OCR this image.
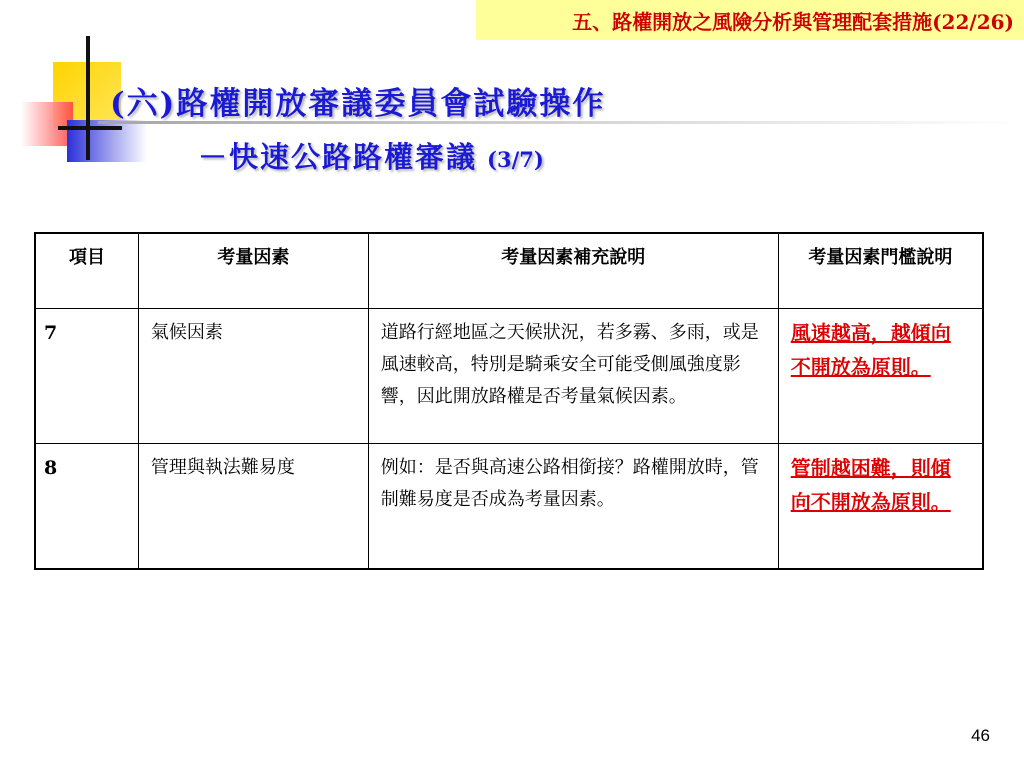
五、路權開放之風險分析與管理配套措施(22/26)
(六)路權開放審議委員會試驗操作
－快速公路路權審議 (3/7)
項目	考量因素	考量因素補充說明	考量因素門檻說明
7	氣候因素	道路行經地區之天候狀況，若多霧、多雨，或是風速較高，特別是騎乘安全可能受側風強度影響，因此開放路權是否考量氣候因素。	風速越高，越傾向不開放為原則。
8	管理與執法難易度	例如：是否與高速公路相銜接？路權開放時，管制難易度是否成為考量因素。	管制越困難，則傾向不開放為原則。
46
